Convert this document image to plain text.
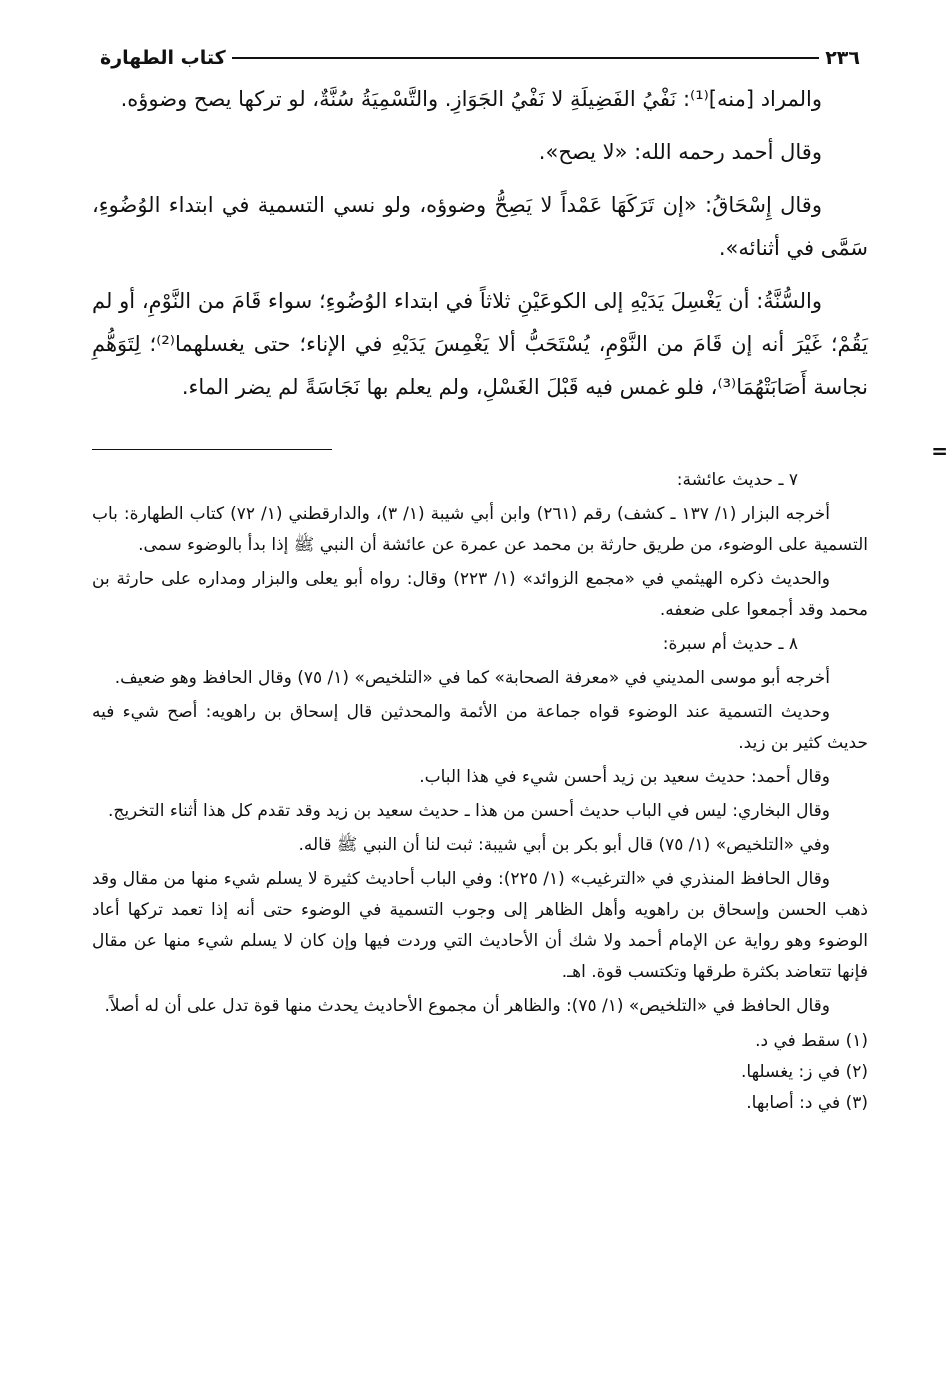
٢٣٦
كتاب الطهارة

والمراد [منه]⁽¹⁾: نَفْيُ الفَضِيلَةِ لا نَفْيُ الجَوَازِ. والتَّسْمِيَةُ سُنَّةٌ، لو تركها يصح وضوؤه.

وقال أحمد رحمه الله: «لا يصح».

وقال إِسْحَاقُ: «إن تَرَكَهَا عَمْداً لا يَصِحُّ وضوؤه، ولو نسي التسمية في ابتداء الوُضُوءِ، سَمَّى في أثنائه».

والسُّنَّةُ: أن يَغْسِلَ يَدَيْهِ إلى الكوعَيْنِ ثلاثاً في ابتداء الوُضُوءِ؛ سواء قَامَ من النَّوْمِ، أو لم يَقُمْ؛ غَيْرَ أنه إن قَامَ من النَّوْمِ، يُسْتَحَبُّ ألا يَغْمِسَ يَدَيْهِ في الإناء؛ حتى يغسلهما⁽²⁾؛ لِتَوَهُّمِ نجاسة أَصَابَتْهُمَا⁽³⁾، فلو غمس فيه قَبْلَ الغَسْلِ، ولم يعلم بها نَجَاسَةً لم يضر الماء.

=

٧ ـ حديث عائشة:

أخرجه البزار (١/ ١٣٧ ـ كشف) رقم (٢٦١) وابن أبي شيبة (١/ ٣)، والدارقطني (١/ ٧٢) كتاب الطهارة: باب التسمية على الوضوء، من طريق حارثة بن محمد عن عمرة عن عائشة أن النبي ﷺ إذا بدأ بالوضوء سمى.

والحديث ذكره الهيثمي في «مجمع الزوائد» (١/ ٢٢٣) وقال: رواه أبو يعلى والبزار ومداره على حارثة بن محمد وقد أجمعوا على ضعفه.

٨ ـ حديث أم سبرة:

أخرجه أبو موسى المديني في «معرفة الصحابة» كما في «التلخيص» (١/ ٧٥) وقال الحافظ وهو ضعيف.

وحديث التسمية عند الوضوء قواه جماعة من الأئمة والمحدثين قال إسحاق بن راهويه: أصح شيء فيه حديث كثير بن زيد.

وقال أحمد: حديث سعيد بن زيد أحسن شيء في هذا الباب.

وقال البخاري: ليس في الباب حديث أحسن من هذا ـ حديث سعيد بن زيد وقد تقدم كل هذا أثناء التخريج.

وفي «التلخيص» (١/ ٧٥) قال أبو بكر بن أبي شيبة: ثبت لنا أن النبي ﷺ قاله.

وقال الحافظ المنذري في «الترغيب» (١/ ٢٢٥): وفي الباب أحاديث كثيرة لا يسلم شيء منها من مقال وقد ذهب الحسن وإسحاق بن راهويه وأهل الظاهر إلى وجوب التسمية في الوضوء حتى أنه إذا تعمد تركها أعاد الوضوء وهو رواية عن الإمام أحمد ولا شك أن الأحاديث التي وردت فيها وإن كان لا يسلم شيء منها عن مقال فإنها تتعاضد بكثرة طرقها وتكتسب قوة. اهـ.

وقال الحافظ في «التلخيص» (١/ ٧٥): والظاهر أن مجموع الأحاديث يحدث منها قوة تدل على أن له أصلاً.

(١) سقط في د.

(٢) في ز: يغسلها.

(٣) في د: أصابها.
